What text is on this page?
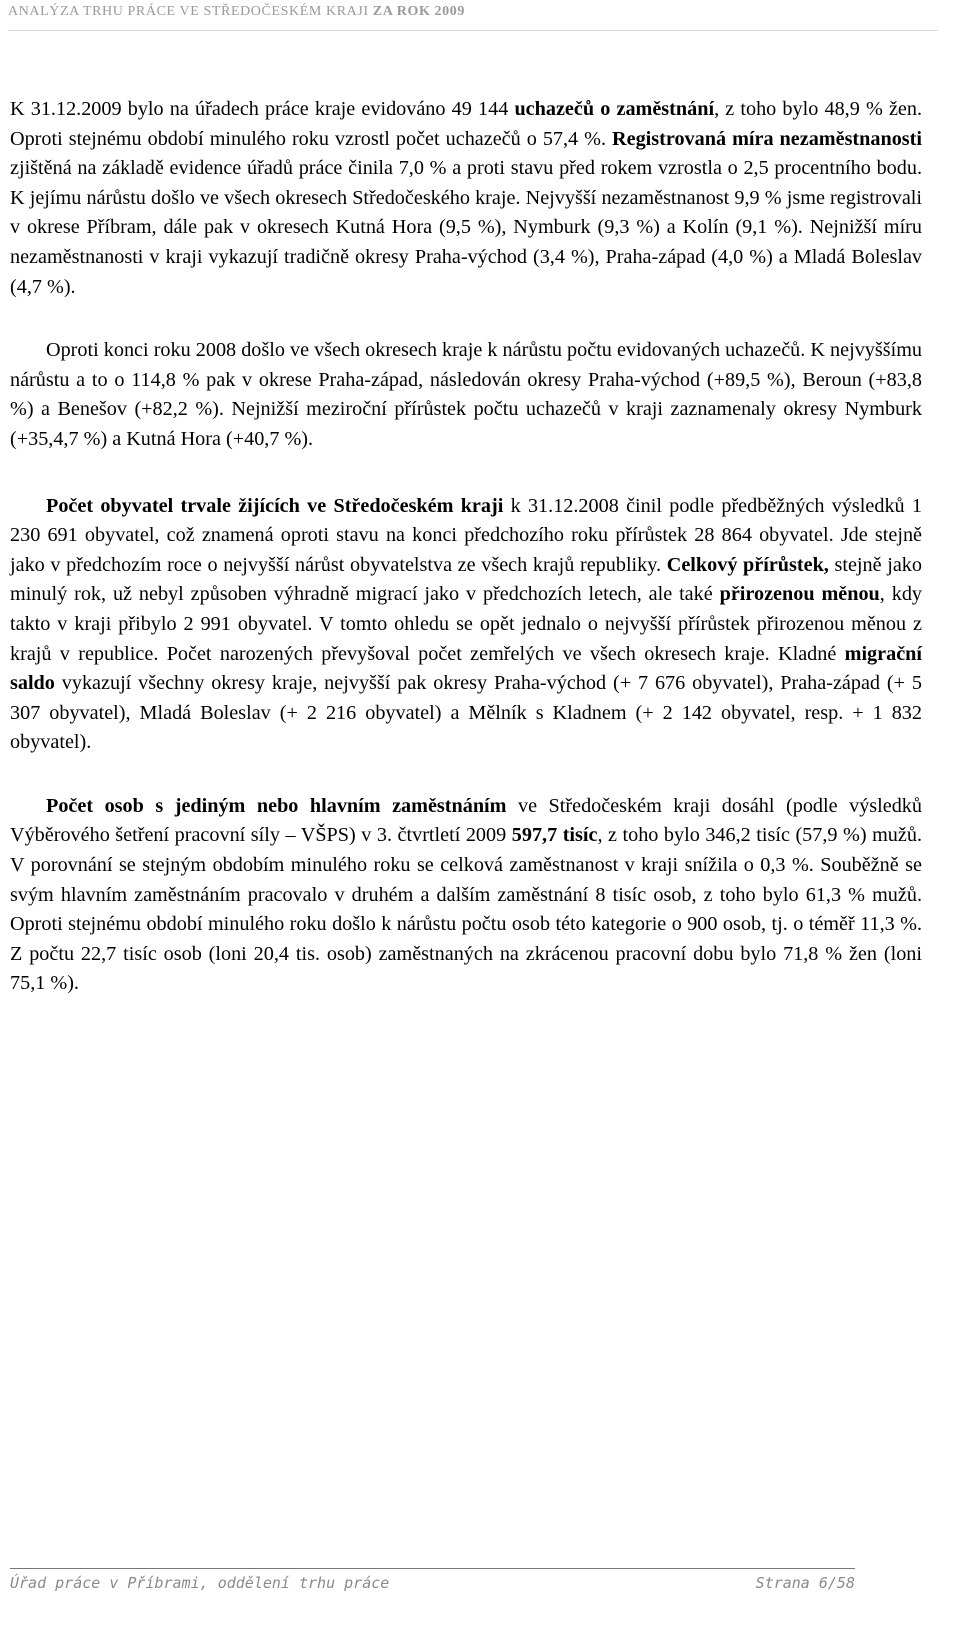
ANALÝZA TRHU PRÁCE VE STŘEDOČESKÉM KRAJI ZA ROK 2009

K 31.12.2009 bylo na úřadech práce kraje evidováno 49 144 uchazečů o zaměstnání, z toho bylo 48,9 % žen. Oproti stejnému období minulého roku vzrostl počet uchazečů o 57,4 %. Registrovaná míra nezaměstnanosti zjištěná na základě evidence úřadů práce činila 7,0 % a proti stavu před rokem vzrostla o 2,5 procentního bodu. K jejímu nárůstu došlo ve všech okresech Středočeského kraje. Nejvyšší nezaměstnanost 9,9 % jsme registrovali v okrese Příbram, dále pak v okresech Kutná Hora (9,5 %), Nymburk (9,3 %) a Kolín (9,1 %). Nejnižší míru nezaměstnanosti v kraji vykazují tradičně okresy Praha-východ (3,4 %), Praha-západ (4,0 %) a Mladá Boleslav (4,7 %).

Oproti konci roku 2008 došlo ve všech okresech kraje k nárůstu počtu evidovaných uchazečů. K nejvyššímu nárůstu a to o 114,8 % pak v okrese Praha-západ, následován okresy Praha-východ (+89,5 %), Beroun (+83,8 %) a Benešov (+82,2 %). Nejnižší meziroční přírůstek počtu uchazečů v kraji zaznamenaly okresy Nymburk (+35,4,7 %) a Kutná Hora (+40,7 %).

Počet obyvatel trvale žijících ve Středočeském kraji k 31.12.2008 činil podle předběžných výsledků 1 230 691 obyvatel, což znamená oproti stavu na konci předchozího roku přírůstek 28 864 obyvatel. Jde stejně jako v předchozím roce o nejvyšší nárůst obyvatelstva ze všech krajů republiky. Celkový přírůstek, stejně jako minulý rok, už nebyl způsoben výhradně migrací jako v předchozích letech, ale také přirozenou měnou, kdy takto v kraji přibylo 2 991 obyvatel. V tomto ohledu se opět jednalo o nejvyšší přírůstek přirozenou měnou z krajů v republice. Počet narozených převyšoval počet zemřelých ve všech okresech kraje. Kladné migrační saldo vykazují všechny okresy kraje, nejvyšší pak okresy Praha-východ (+ 7 676 obyvatel), Praha-západ (+ 5 307 obyvatel), Mladá Boleslav (+ 2 216 obyvatel) a Mělník s Kladnem (+ 2 142 obyvatel, resp. + 1 832 obyvatel).

Počet osob s jediným nebo hlavním zaměstnáním ve Středočeském kraji dosáhl (podle výsledků Výběrového šetření pracovní síly – VŠPS) v 3. čtvrtletí 2009 597,7 tisíc, z toho bylo 346,2 tisíc (57,9 %) mužů. V porovnání se stejným obdobím minulého roku se celková zaměstnanost v kraji snížila o 0,3 %. Souběžně se svým hlavním zaměstnáním pracovalo v druhém a dalším zaměstnání 8 tisíc osob, z toho bylo 61,3 % mužů. Oproti stejnému období minulého roku došlo k nárůstu počtu osob této kategorie o 900 osob, tj. o téměř 11,3 %. Z počtu 22,7 tisíc osob (loni 20,4 tis. osob) zaměstnaných na zkrácenou pracovní dobu bylo 71,8 % žen (loni 75,1 %).

Úřad práce v Příbrami, oddělení trhu práce	Strana 6/58
